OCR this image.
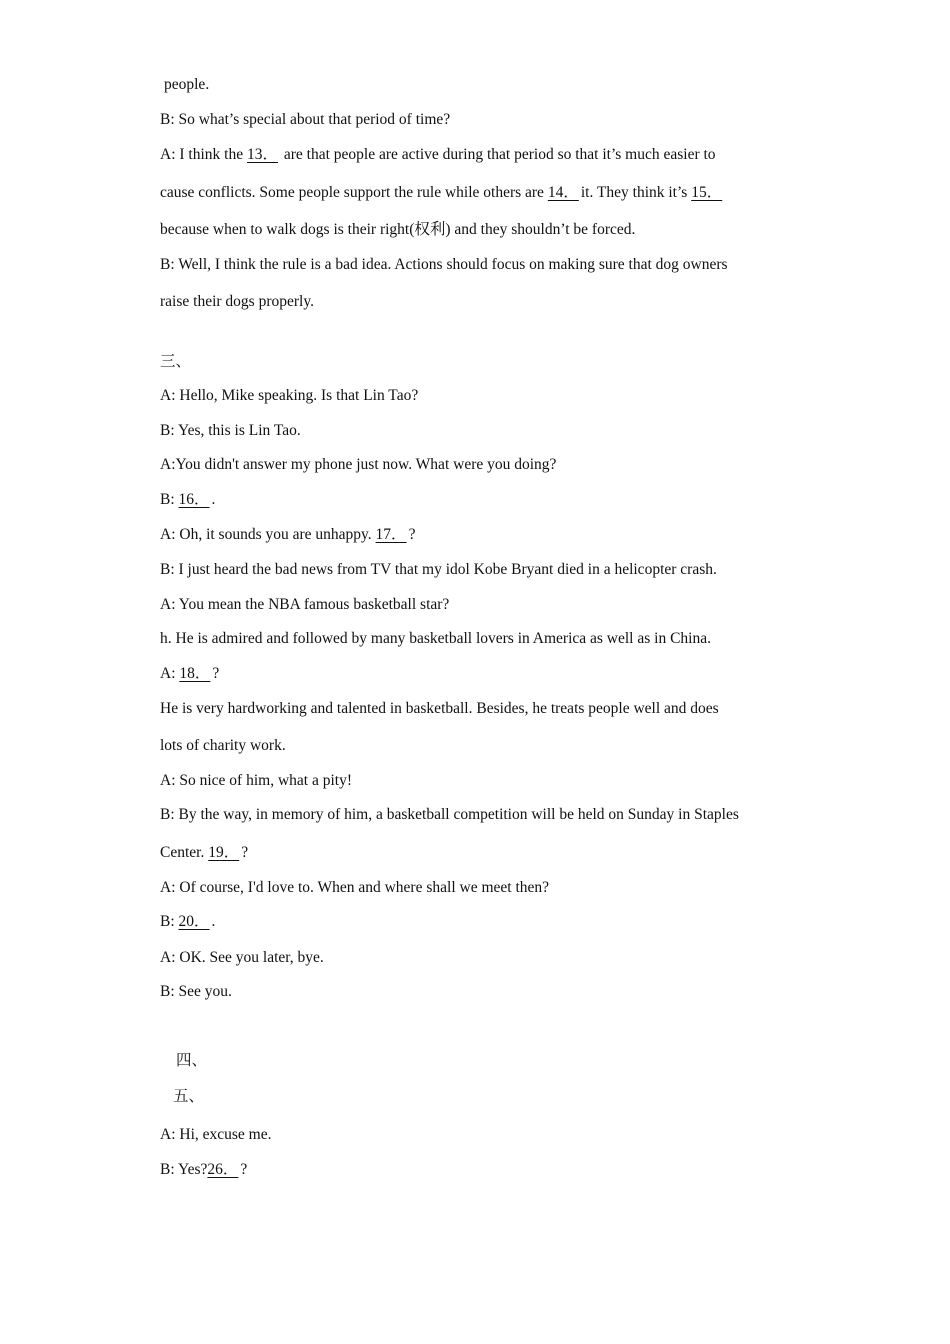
people.
B: So what’s special about that period of time?
A: I think the 13． are that people are active during that period so that it’s much easier to
cause conflicts. Some people support the rule while others are 14． it. They think it’s 15．
because when to walk dogs is their right(权利) and they shouldn’t be forced.
B: Well, I think the rule is a bad idea. Actions should focus on making sure that dog owners
raise their dogs properly.
三、
A: Hello, Mike speaking. Is that Lin Tao?
B: Yes, this is Lin Tao.
A:You didn't answer my phone just now. What were you doing?
B: 16． .
A: Oh, it sounds you are unhappy. 17． ?
B: I just heard the bad news from TV that my idol Kobe Bryant died in a helicopter crash.
A: You mean the NBA famous basketball star?
h. He is admired and followed by many basketball lovers in America as well as in China.
A: 18． ?
He is very hardworking and talented in basketball. Besides, he treats people well and does
lots of charity work.
A: So nice of him, what a pity!
B: By the way, in memory of him, a basketball competition will be held on Sunday in Staples
Center. 19． ?
A: Of course, I'd love to. When and where shall we meet then?
B: 20． .
A: OK. See you later, bye.
B: See you.
四、
五、
A: Hi, excuse me.
B: Yes?26． ?
